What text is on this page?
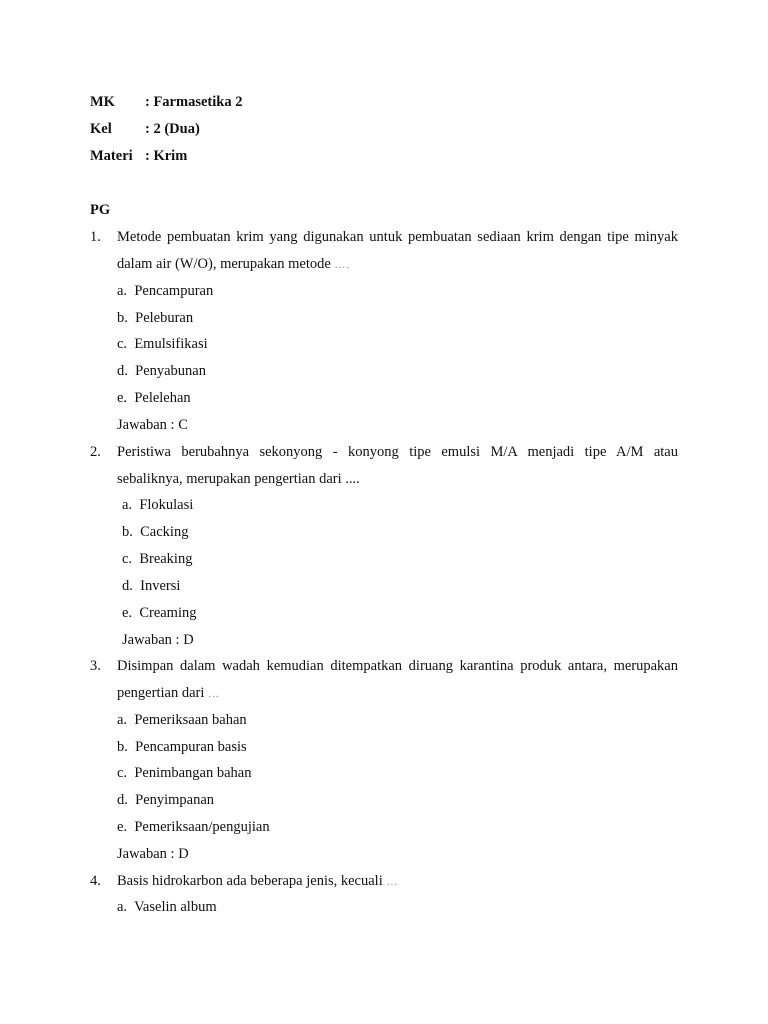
MK : Farmasetika 2
Kel : 2 (Dua)
Materi : Krim
PG
1. Metode pembuatan krim yang digunakan untuk pembuatan sediaan krim dengan tipe minyak
dalam air (W/O), merupakan metode ….
a. Pencampuran
b. Peleburan
c. Emulsifikasi
d. Penyabunan
e. Pelelehan
Jawaban : C
2. Peristiwa berubahnya sekonyong - konyong tipe emulsi M/A menjadi tipe A/M atau
sebaliknya, merupakan pengertian dari ....
a. Flokulasi
b. Cacking
c. Breaking
d. Inversi
e. Creaming
Jawaban : D
3. Disimpan dalam wadah kemudian ditempatkan diruang karantina produk antara, merupakan
pengertian dari …
a. Pemeriksaan bahan
b. Pencampuran basis
c. Penimbangan bahan
d. Penyimpanan
e. Pemeriksaan/pengujian
Jawaban : D
4. Basis hidrokarbon ada beberapa jenis, kecuali …
a. Vaselin album
